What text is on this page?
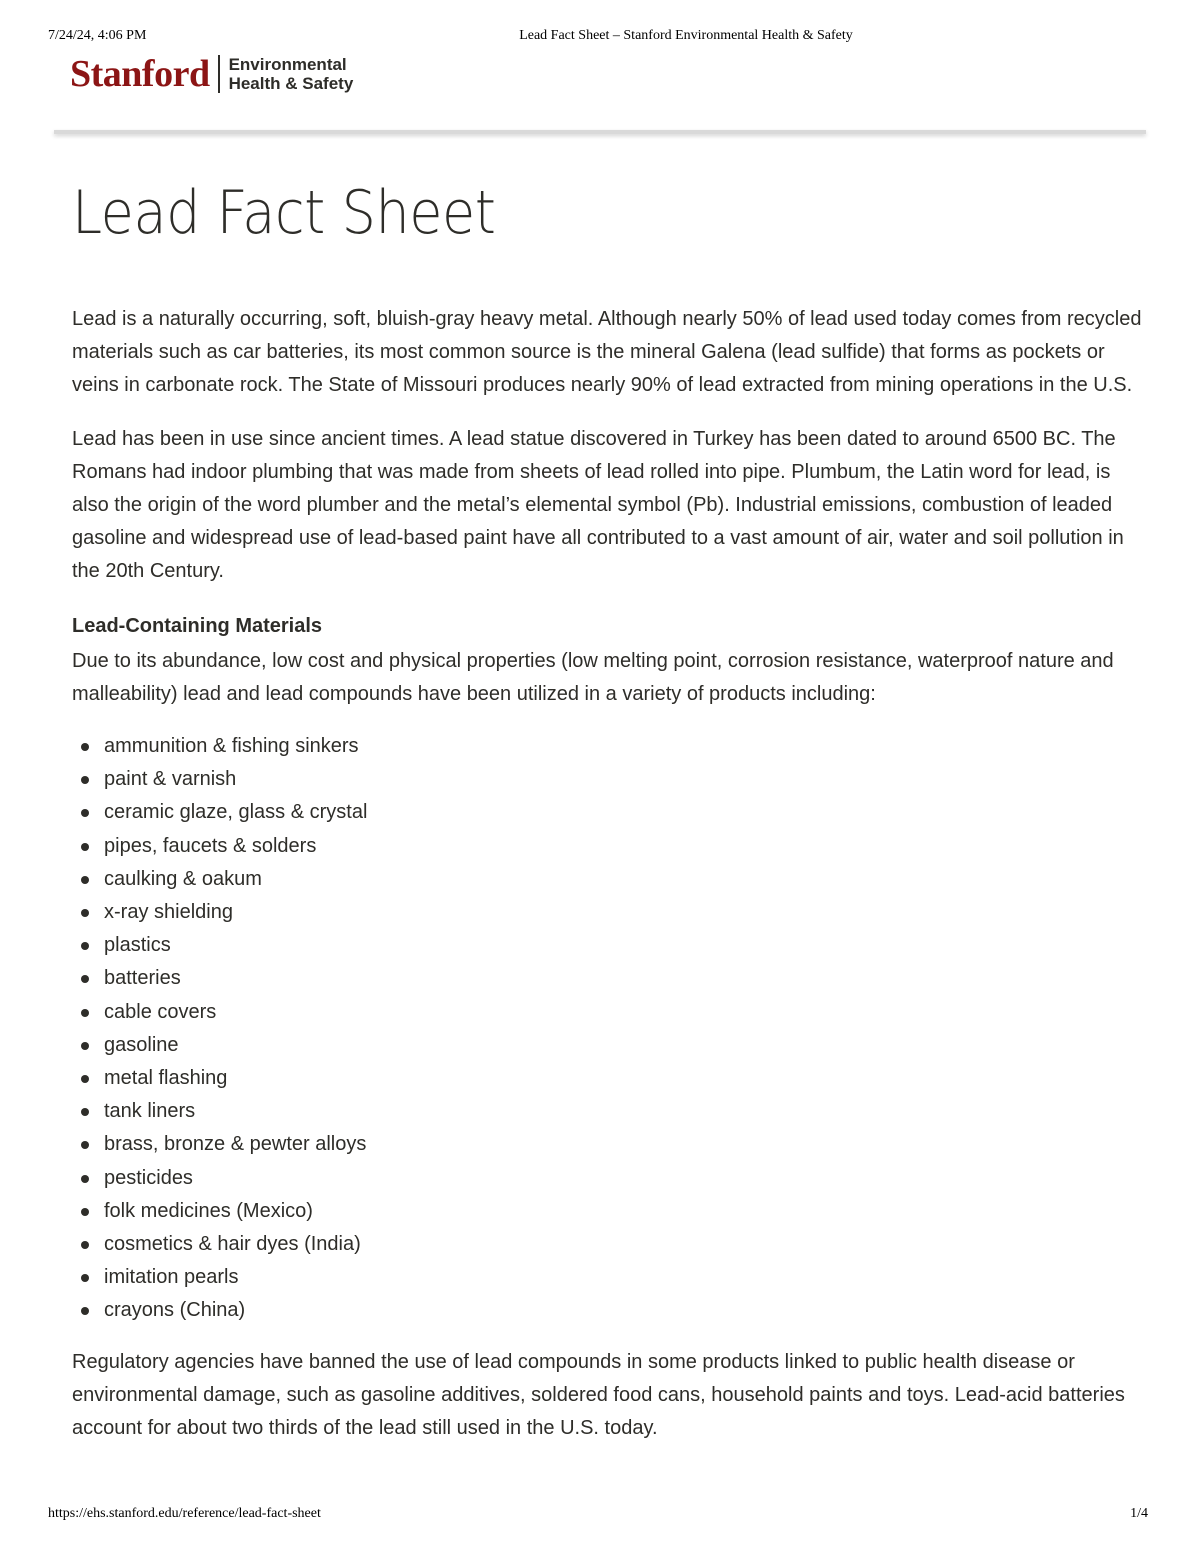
7/24/24, 4:06 PM	Lead Fact Sheet – Stanford Environmental Health & Safety
Stanford Environmental
Health & Safety
Lead Fact Sheet

Lead is a naturally occurring, soft, bluish-gray heavy metal. Although nearly 50% of lead used today comes from recycled materials such as car batteries, its most common source is the mineral Galena (lead sulfide) that forms as pockets or veins in carbonate rock. The State of Missouri produces nearly 90% of lead extracted from mining operations in the U.S.

Lead has been in use since ancient times. A lead statue discovered in Turkey has been dated to around 6500 BC. The Romans had indoor plumbing that was made from sheets of lead rolled into pipe. Plumbum, the Latin word for lead, is also the origin of the word plumber and the metal’s elemental symbol (Pb). Industrial emissions, combustion of leaded gasoline and widespread use of lead-based paint have all contributed to a vast amount of air, water and soil pollution in the 20th Century.

Lead-Containing Materials

Due to its abundance, low cost and physical properties (low melting point, corrosion resistance, waterproof nature and malleability) lead and lead compounds have been utilized in a variety of products including:

ammunition & fishing sinkers
paint & varnish
ceramic glaze, glass & crystal
pipes, faucets & solders
caulking & oakum
x-ray shielding
plastics
batteries
cable covers
gasoline
metal flashing
tank liners
brass, bronze & pewter alloys
pesticides
folk medicines (Mexico)
cosmetics & hair dyes (India)
imitation pearls
crayons (China)

Regulatory agencies have banned the use of lead compounds in some products linked to public health disease or environmental damage, such as gasoline additives, soldered food cans, household paints and toys. Lead-acid batteries account for about two thirds of the lead still used in the U.S. today.

https://ehs.stanford.edu/reference/lead-fact-sheet	1/4
